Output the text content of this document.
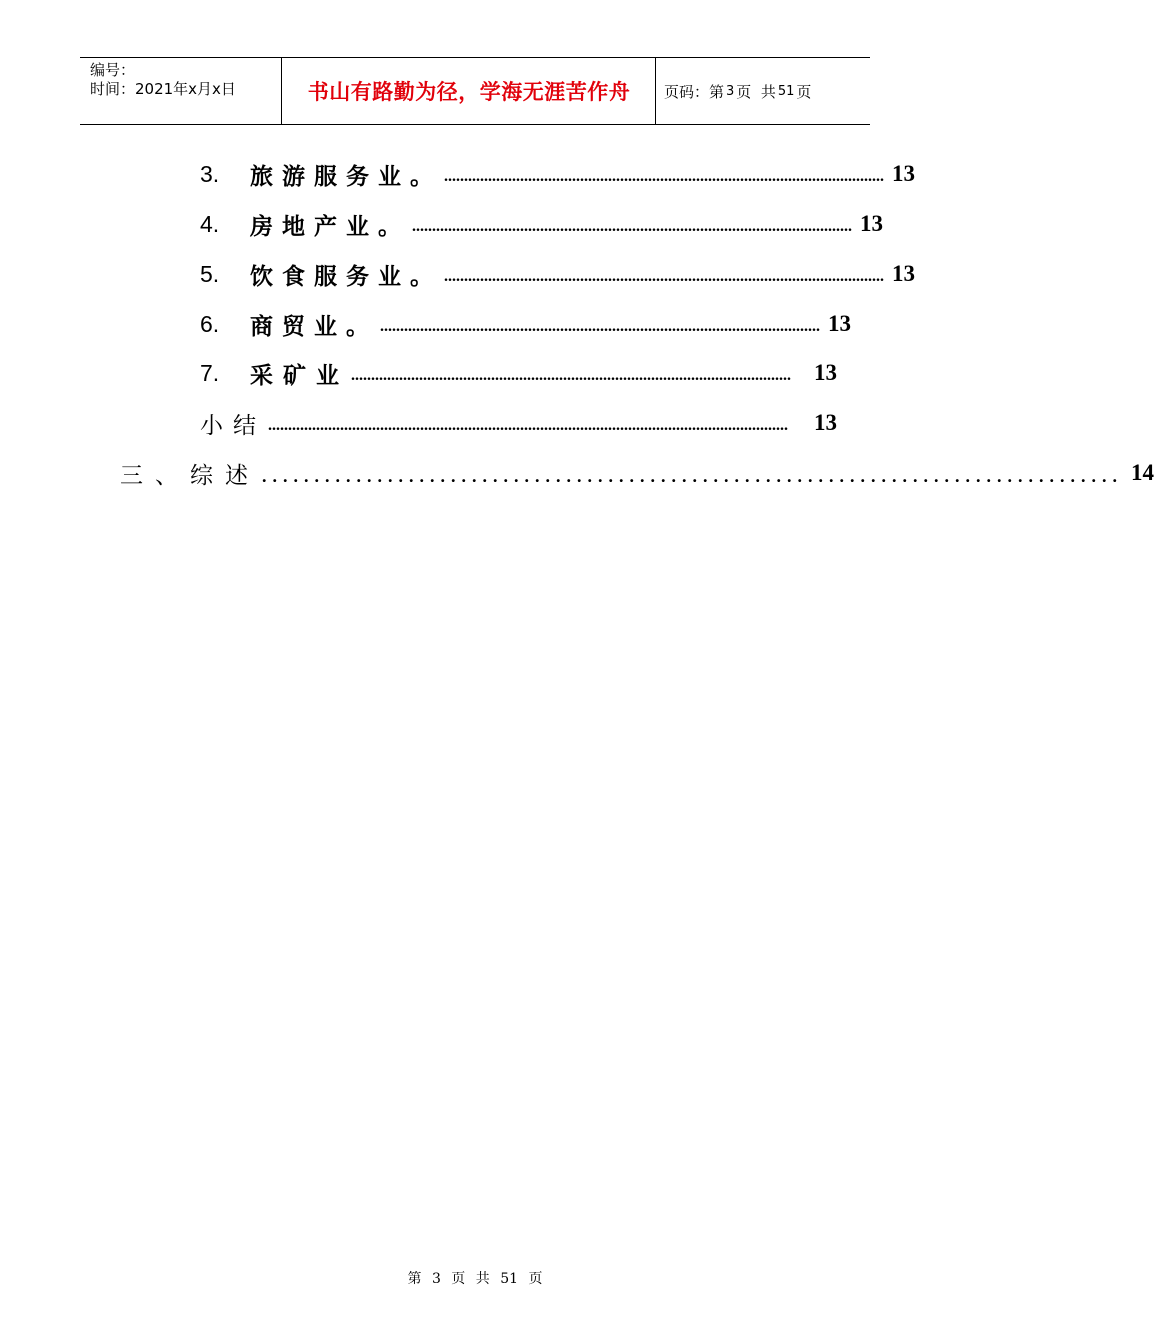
编号：
时间：2021年x月x日	书山有路勤为径，学海无涯苦作舟	页码：第 3 页  共 51 页
3.	旅游服务业。 .............................................................................................................. 13
4.	房地产业。 .............................................................................................................. 13
5.	饮食服务业。 .............................................................................................................. 13
6.	商贸业。 .............................................................................................................. 13
7.	采矿业 ..............................................................................................................	13
小结 ..................................................................................................................................	13
三、综述 .................................................................................. 14
第 3 页 共 51 页
